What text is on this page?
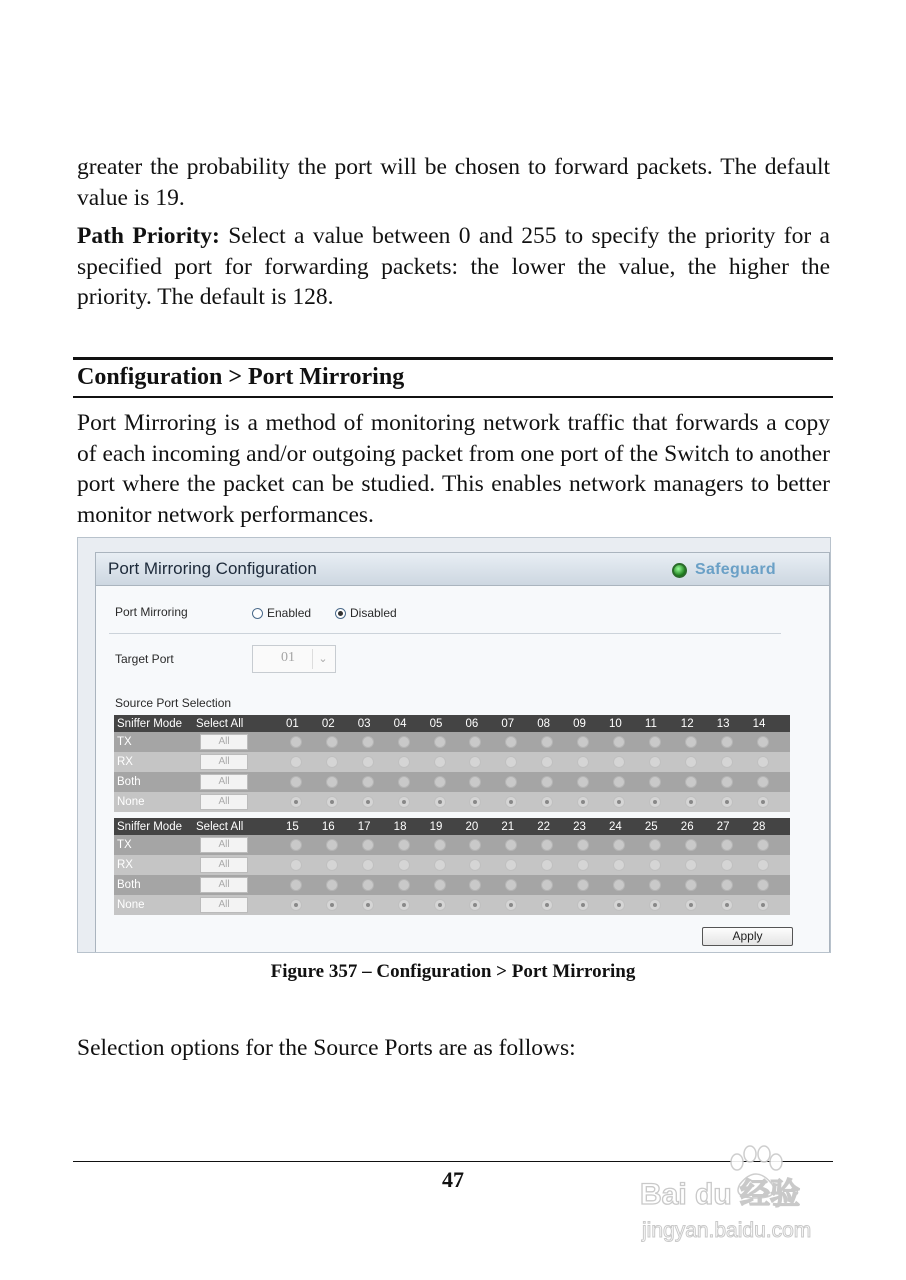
greater the probability the port will be chosen to forward packets. The default value is 19.

Path Priority: Select a value between 0 and 255 to specify the priority for a specified port for forwarding packets: the lower the value, the higher the priority. The default is 128.

Configuration > Port Mirroring

Port Mirroring is a method of monitoring network traffic that forwards a copy of each incoming and/or outgoing packet from one port of the Switch to another port where the packet can be studied. This enables network managers to better monitor network performances.

Port Mirroring Configuration	Safeguard
Port Mirroring	Enabled	Disabled
Target Port	01	⌄
Source Port Selection
Sniffer Mode	Select All	01	02	03	04	05	06	07	08	09	10	11	12	13	14
TX	All
RX	All
Both	All
None	All
Sniffer Mode	Select All	15	16	17	18	19	20	21	22	23	24	25	26	27	28
TX	All
RX	All
Both	All
None	All
Apply
Figure 357 – Configuration > Port Mirroring

Selection options for the Source Ports are as follows:

47	Bai du 经验
jingyan.baidu.com
